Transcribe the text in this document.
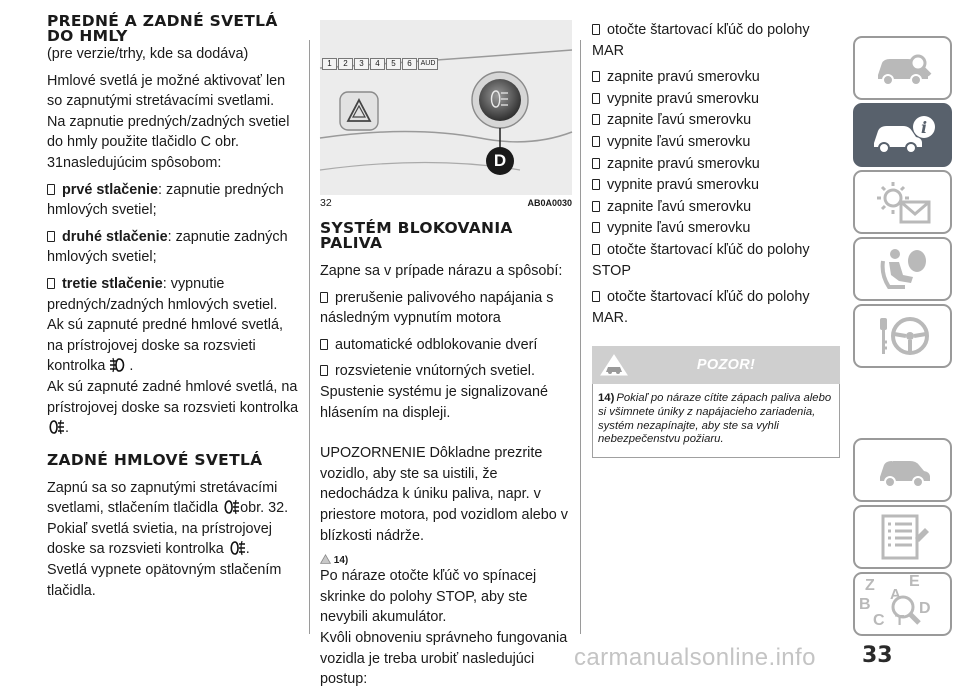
PREDNÉ A ZADNÉ SVETLÁ DO HMLY

(pre verzie/trhy, kde sa dodáva)

Hmlové svetlá je možné aktivovať len so zapnutými stretávacími svetlami.

Na zapnutie predných/zadných svetiel do hmly použite tlačidlo C obr. 31nasledujúcim spôsobom:

prvé stlačenie: zapnutie predných hmlových svetiel;

druhé stlačenie: zapnutie zadných hmlových svetiel;

tretie stlačenie: vypnutie predných/zadných hmlových svetiel.

Ak sú zapnuté predné hmlové svetlá, na prístrojovej doske sa rozsvieti kontrolka .

Ak sú zapnuté zadné hmlové svetlá, na prístrojovej doske sa rozsvieti kontrolka
.

ZADNÉ HMLOVÉ SVETLÁ

Zapnú sa so zapnutými stretávacími svetlami, stlačením tlačidla obr. 32.

Pokiaľ svetlá svietia, na prístrojovej doske sa rozsvieti kontrolka .

Svetlá vypnete opätovným stlačením tlačidla.

1	2	3	4	5	6	AUD
D
32	AB0A0030
SYSTÉM BLOKOVANIA PALIVA

Zapne sa v prípade nárazu a spôsobí:

prerušenie palivového napájania s následným vypnutím motora

automatické odblokovanie dverí

rozsvietenie vnútorných svetiel. Spustenie systému je signalizované hlásením na displeji.

UPOZORNENIE Dôkladne prezrite vozidlo, aby ste sa uistili, že nedochádza k úniku paliva, napr. v priestore motora, pod vozidlom alebo v blízkosti nádrže.

14)

Po náraze otočte kľúč vo spínacej skrinke do polohy STOP, aby ste nevybili akumulátor.

Kvôli obnoveniu správneho fungovania vozidla je treba urobiť nasledujúci postup:

otočte štartovací kľúč do polohy MAR

zapnite pravú smerovku

vypnite pravú smerovku

zapnite ľavú smerovku

vypnite ľavú smerovku

zapnite pravú smerovku

vypnite pravú smerovku

zapnite ľavú smerovku

vypnite ľavú smerovku

otočte štartovací kľúč do polohy STOP

otočte štartovací kľúč do polohy MAR.

POZOR!
14) Pokiaľ po náraze cítite zápach paliva alebo si všimnete úniky z napájacieho zariadenia, systém nezapínajte, aby ste sa vyhli nebezpečenstvu požiaru.
i
Z E
B
A
C T
D
carmanualsonline.info 33
